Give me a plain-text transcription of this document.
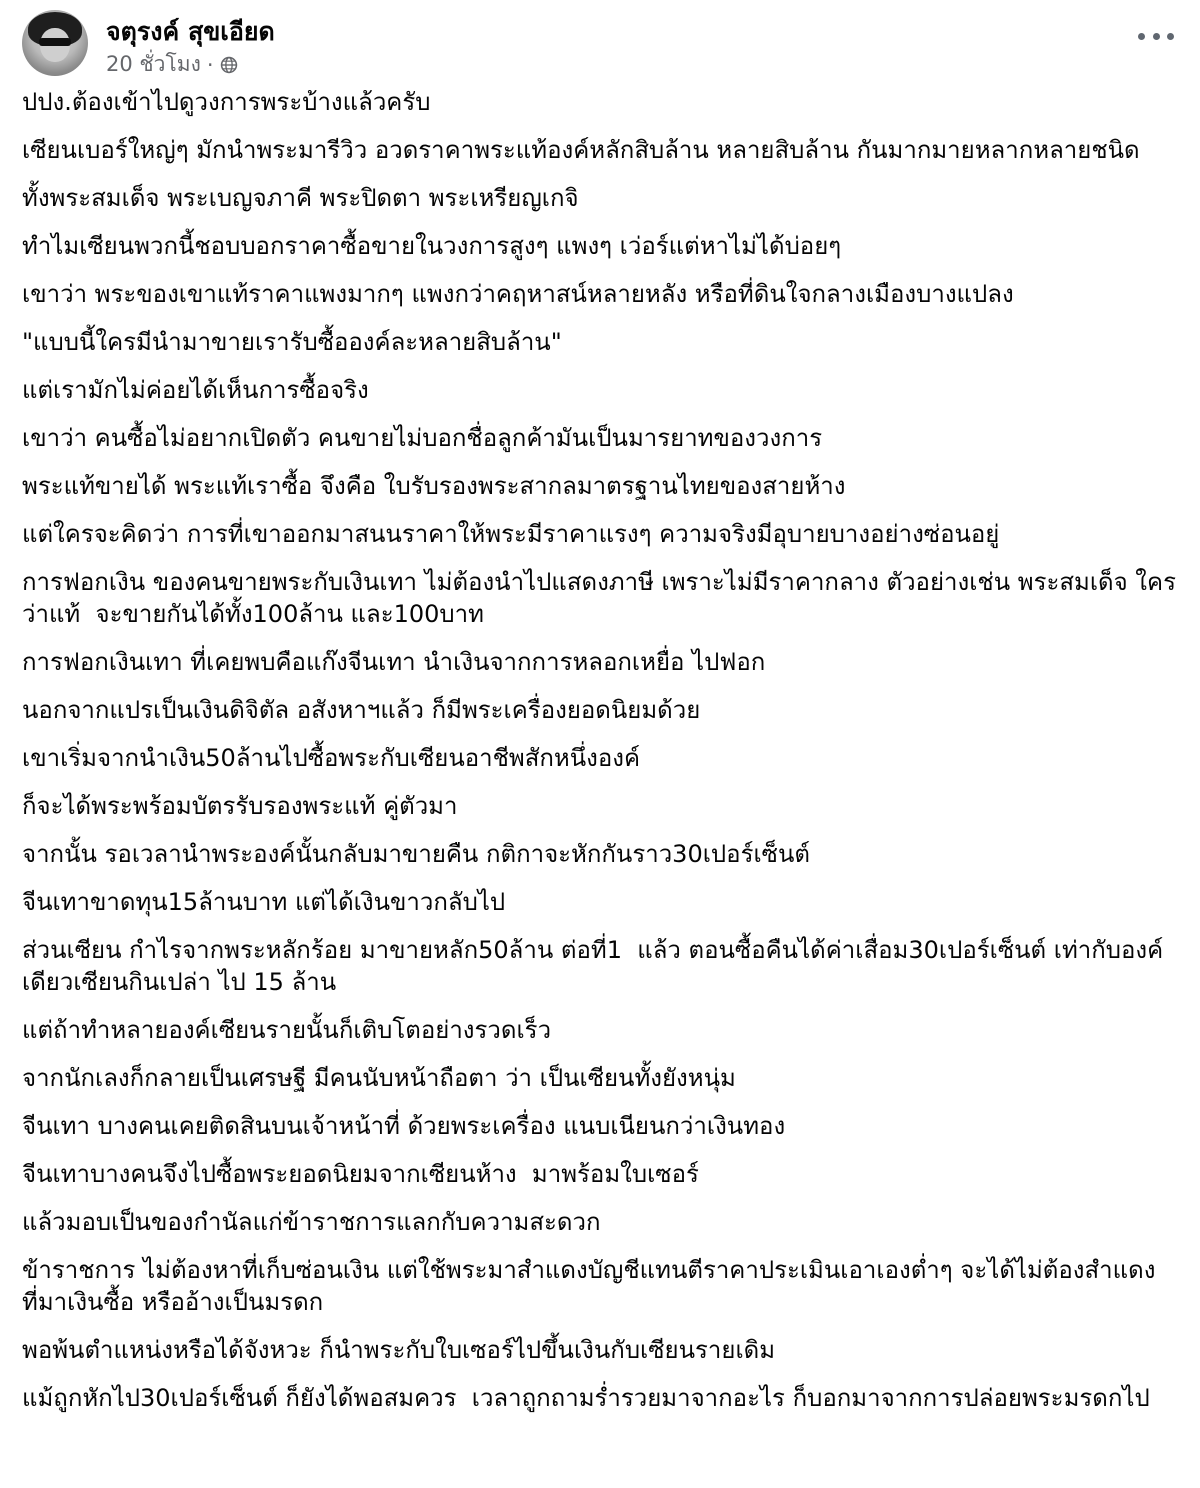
จตุรงค์ สุขเอียด
20 ชั่วโมง ·

ปปง.ต้องเข้าไปดูวงการพระบ้างแล้วครับ

เซียนเบอร์ใหญ่ๆ มักนำพระมารีวิว อวดราคาพระแท้องค์หลักสิบล้าน หลายสิบล้าน กันมากมายหลากหลายชนิด

ทั้งพระสมเด็จ พระเบญจภาคี พระปิดตา พระเหรียญเกจิ

ทำไมเซียนพวกนี้ชอบบอกราคาซื้อขายในวงการสูงๆ แพงๆ เว่อร์แต่หาไม่ได้บ่อยๆ

เขาว่า พระของเขาแท้ราคาแพงมากๆ แพงกว่าคฤหาสน์หลายหลัง หรือที่ดินใจกลางเมืองบางแปลง

"แบบนี้ใครมีนำมาขายเรารับซื้อองค์ละหลายสิบล้าน"

แต่เรามักไม่ค่อยได้เห็นการซื้อจริง

เขาว่า คนซื้อไม่อยากเปิดตัว คนขายไม่บอกชื่อลูกค้ามันเป็นมารยาทของวงการ

พระแท้ขายได้ พระแท้เราซื้อ จึงคือ ใบรับรองพระสากลมาตรฐานไทยของสายห้าง

แต่ใครจะคิดว่า การที่เขาออกมาสนนราคาให้พระมีราคาแรงๆ ความจริงมีอุบายบางอย่างซ่อนอยู่

การฟอกเงิน ของคนขายพระกับเงินเทา ไม่ต้องนำไปแสดงภาษี เพราะไม่มีราคากลาง ตัวอย่างเช่น พระสมเด็จ ใครว่าแท้  จะขายกันได้ทั้ง100ล้าน และ100บาท

การฟอกเงินเทา ที่เคยพบคือแก๊งจีนเทา นำเงินจากการหลอกเหยื่อ ไปฟอก

นอกจากแปรเป็นเงินดิจิตัล อสังหาฯแล้ว ก็มีพระเครื่องยอดนิยมด้วย

เขาเริ่มจากนำเงิน50ล้านไปซื้อพระกับเซียนอาชีพสักหนึ่งองค์

ก็จะได้พระพร้อมบัตรรับรองพระแท้ คู่ตัวมา

จากนั้น รอเวลานำพระองค์นั้นกลับมาขายคืน กติกาจะหักกันราว30เปอร์เซ็นต์

จีนเทาขาดทุน15ล้านบาท แต่ได้เงินขาวกลับไป

ส่วนเซียน กำไรจากพระหลักร้อย มาขายหลัก50ล้าน ต่อที่1  แล้ว ตอนซื้อคืนได้ค่าเสื่อม30เปอร์เซ็นต์ เท่ากับองค์เดียวเซียนกินเปล่า ไป 15 ล้าน

แต่ถ้าทำหลายองค์เซียนรายนั้นก็เติบโตอย่างรวดเร็ว

จากนักเลงก็กลายเป็นเศรษฐี มีคนนับหน้าถือตา ว่า เป็นเซียนทั้งยังหนุ่ม

จีนเทา บางคนเคยติดสินบนเจ้าหน้าที่ ด้วยพระเครื่อง แนบเนียนกว่าเงินทอง

จีนเทาบางคนจึงไปซื้อพระยอดนิยมจากเซียนห้าง  มาพร้อมใบเซอร์

แล้วมอบเป็นของกำนัลแก่ข้าราชการแลกกับความสะดวก

ข้าราชการ ไม่ต้องหาที่เก็บซ่อนเงิน แต่ใช้พระมาสำแดงบัญชีแทนตีราคาประเมินเอาเองต่ำๆ จะได้ไม่ต้องสำแดงที่มาเงินซื้อ หรืออ้างเป็นมรดก

พอพ้นตำแหน่งหรือได้จังหวะ ก็นำพระกับใบเซอร์ไปขึ้นเงินกับเซียนรายเดิม

แม้ถูกหักไป30เปอร์เซ็นต์ ก็ยังได้พอสมควร  เวลาถูกถามร่ำรวยมาจากอะไร ก็บอกมาจากการปล่อยพระมรดกไป
